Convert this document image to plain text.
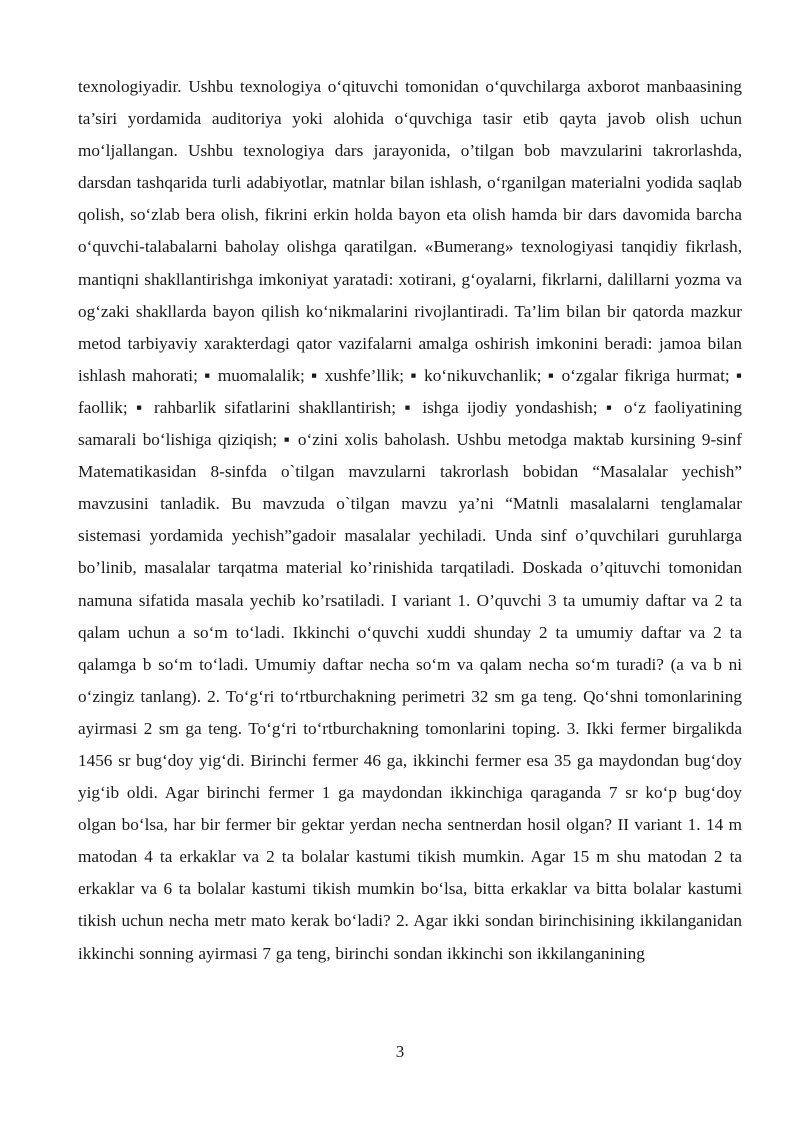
texnologiyadir. Ushbu texnologiya o‘qituvchi tomonidan o‘quvchilarga axborot manbaasining ta’siri yordamida auditoriya yoki alohida o‘quvchiga tasir etib qayta javob olish uchun mo‘ljallangan. Ushbu texnologiya dars jarayonida, o’tilgan bob mavzularini takrorlashda, darsdan tashqarida turli adabiyotlar, matnlar bilan ishlash, o‘rganilgan materialni yodida saqlab qolish, so‘zlab bera olish, fikrini erkin holda bayon eta olish hamda bir dars davomida barcha o‘quvchi-talabalarni baholay olishga qaratilgan. «Bumerang» texnologiyasi tanqidiy fikrlash, mantiqni shakllantirishga imkoniyat yaratadi: xotirani, g‘oyalarni, fikrlarni, dalillarni yozma va og‘zaki shakllarda bayon qilish ko‘nikmalarini rivojlantiradi. Ta’lim bilan bir qatorda mazkur metod tarbiyaviy xarakterdagi qator vazifalarni amalga oshirish imkonini beradi: jamoa bilan ishlash mahorati; ▪ muomalalik; ▪ xushfe’llik; ▪ ko‘nikuvchanlik; ▪ o‘zgalar fikriga hurmat; ▪ faollik; ▪ rahbarlik sifatlarini shakllantirish; ▪ ishga ijodiy yondashish; ▪ o‘z faoliyatining samarali bo‘lishiga qiziqish; ▪ o‘zini xolis baholash. Ushbu metodga maktab kursining 9-sinf Matematikasidan 8-sinfda o`tilgan mavzularni takrorlash bobidan “Masalalar yechish” mavzusini tanladik. Bu mavzuda o`tilgan mavzu ya’ni “Matnli masalalarni tenglamalar sistemasi yordamida yechish”gadoir masalalar yechiladi. Unda sinf o’quvchilari guruhlarga bo’linib, masalalar tarqatma material ko’rinishida tarqatiladi. Doskada o’qituvchi tomonidan namuna sifatida masala yechib ko’rsatiladi. I variant 1. O’quvchi 3 ta umumiy daftar va 2 ta qalam uchun a so‘m to‘ladi. Ikkinchi o‘quvchi xuddi shunday 2 ta umumiy daftar va 2 ta qalamga b so‘m to‘ladi. Umumiy daftar necha so‘m va qalam necha so‘m turadi? (a va b ni o‘zingiz tanlang). 2. To‘g‘ri to‘rtburchakning perimetri 32 sm ga teng. Qo‘shni tomonlarining ayirmasi 2 sm ga teng. To‘g‘ri to‘rtburchakning tomonlarini toping. 3. Ikki fermer birgalikda 1456 sr bug‘doy yig‘di. Birinchi fermer 46 ga, ikkinchi fermer esa 35 ga maydondan bug‘doy yig‘ib oldi. Agar birinchi fermer 1 ga maydondan ikkinchiga qaraganda 7 sr ko‘p bug‘doy olgan bo‘lsa, har bir fermer bir gektar yerdan necha sentnerdan hosil olgan? II variant 1. 14 m matodan 4 ta erkaklar va 2 ta bolalar kastumi tikish mumkin. Agar 15 m shu matodan 2 ta erkaklar va 6 ta bolalar kastumi tikish mumkin bo‘lsa, bitta erkaklar va bitta bolalar kastumi tikish uchun necha metr mato kerak bo‘ladi? 2. Agar ikki sondan birinchisining ikkilanganidan ikkinchi sonning ayirmasi 7 ga teng, birinchi sondan ikkinchi son ikkilanganining

3
